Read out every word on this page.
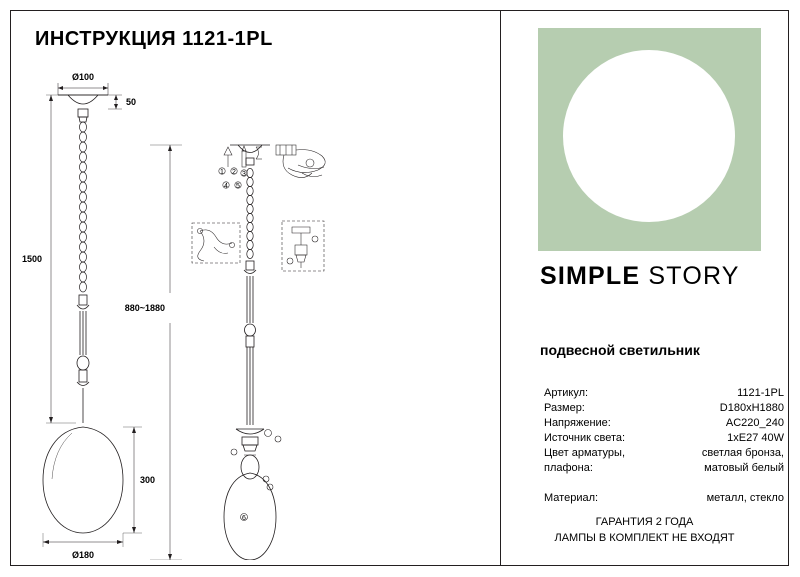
ИНСТРУКЦИЯ 1121-1PL
Ø100
50
1500
880~1880
300
Ø180
1 2 3
4 5
6
SIMPLE STORY
подвесной светильник
Артикул:	1121-1PL
Размер:	D180хH1880
Напряжение:	AC220_240
Источник света:	1хE27 40W
Цвет арматуры, плафона:
светлая бронза, матовый белый
Материал:	металл, стекло
ГАРАНТИЯ 2 ГОДА
ЛАМПЫ В КОМПЛЕКТ НЕ ВХОДЯТ
